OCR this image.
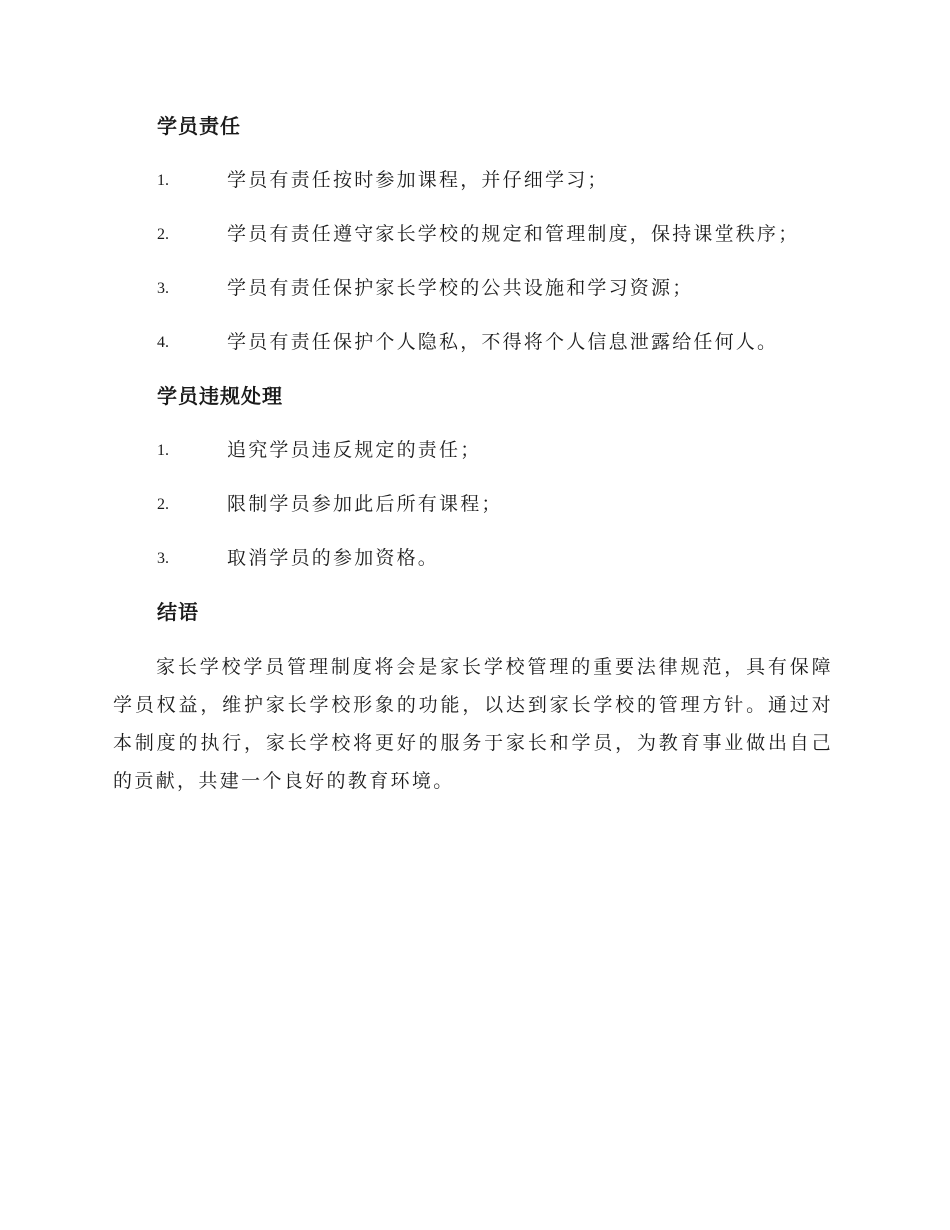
学员责任
1.	学员有责任按时参加课程，并仔细学习；
2.	学员有责任遵守家长学校的规定和管理制度，保持课堂秩序；
3.	学员有责任保护家长学校的公共设施和学习资源；
4.	学员有责任保护个人隐私，不得将个人信息泄露给任何人。
学员违规处理
1.	追究学员违反规定的责任；
2.	限制学员参加此后所有课程；
3.	取消学员的参加资格。
结语

家长学校学员管理制度将会是家长学校管理的重要法律规范，具有保障学员权益，维护家长学校形象的功能，以达到家长学校的管理方针。通过对本制度的执行，家长学校将更好的服务于家长和学员，为教育事业做出自己的贡献，共建一个良好的教育环境。
